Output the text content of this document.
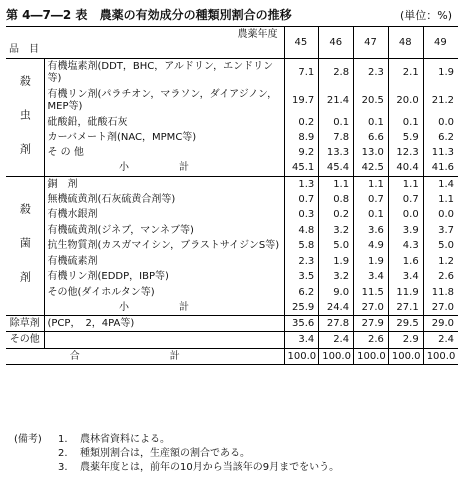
第 4―7―2 表 農薬の有効成分の種類別割合の推移	(単位：%)
農薬年度		45	46	47	48	49
品　目						
殺　虫　剤	有機塩素剤(DDT，BHC，アルドリン，エンドリン等)	7.1	2.8	2.3	2.1	1.9
	有機リン剤(パラチオン，マラソン，ダイアジノン，MEP等)	19.7	21.4	20.5	20.0	21.2
	砒酸鉛，砒酸石灰	0.2	0.1	0.1	0.1	0.0
	カーバメート剤(NAC，MPMC等)	8.9	7.8	6.6	5.9	6.2
	そ の 他	9.2	13.3	13.0	12.3	11.3
	小　計	45.1	45.4	42.5	40.4	41.6
殺　菌　剤	銅　剤	1.3	1.1	1.1	1.1	1.4
	無機硫黄剤(石灰硫黄合剤等)	0.7	0.8	0.7	0.7	1.1
	有機水銀剤	0.3	0.2	0.1	0.0	0.0
	有機硫黄剤(ジネブ，マンネブ等)	4.8	3.2	3.6	3.9	3.7
	抗生物質剤(カスガマイシン，ブラストサイジンS等)	5.8	5.0	4.9	4.3	5.0
	有機硫素剤	2.3	1.9	1.9	1.6	1.2
	有機リン剤(EDDP，IBP等)	3.5	3.2	3.4	3.4	2.6
	その他(ダイホルタン等)	6.2	9.0	11.5	11.9	11.8
	小　計	25.9	24.4	27.0	27.1	27.0
除草剤	(PCP，　2，4PA等)	35.6	27.8	27.9	29.5	29.0
その他		3.4	2.4	2.6	2.9	2.4
合　計		100.0	100.0	100.0	100.0	100.0
(備考)	1.	農林省資料による。
2.	種類別割合は，生産額の割合である。
3.	農薬年度とは，前年の10月から当該年の9月までをいう。
